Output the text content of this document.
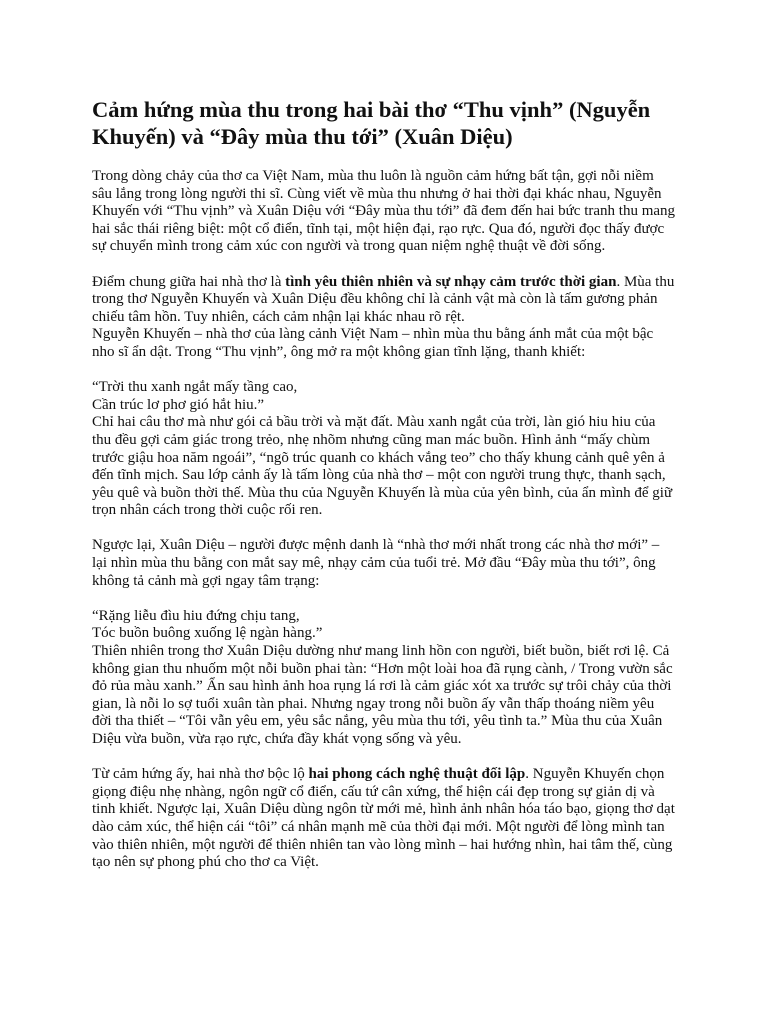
Cảm hứng mùa thu trong hai bài thơ “Thu vịnh” (Nguyễn
Khuyến) và “Đây mùa thu tới” (Xuân Diệu)

Trong dòng chảy của thơ ca Việt Nam, mùa thu luôn là nguồn cảm hứng bất tận, gợi nỗi niềm
sâu lắng trong lòng người thi sĩ. Cùng viết về mùa thu nhưng ở hai thời đại khác nhau, Nguyễn
Khuyến với “Thu vịnh” và Xuân Diệu với “Đây mùa thu tới” đã đem đến hai bức tranh thu mang
hai sắc thái riêng biệt: một cổ điển, tĩnh tại, một hiện đại, rạo rực. Qua đó, người đọc thấy được
sự chuyển mình trong cảm xúc con người và trong quan niệm nghệ thuật về đời sống.

Điểm chung giữa hai nhà thơ là tình yêu thiên nhiên và sự nhạy cảm trước thời gian. Mùa thu
trong thơ Nguyễn Khuyến và Xuân Diệu đều không chỉ là cảnh vật mà còn là tấm gương phản
chiếu tâm hồn. Tuy nhiên, cách cảm nhận lại khác nhau rõ rệt.
Nguyễn Khuyến – nhà thơ của làng cảnh Việt Nam – nhìn mùa thu bằng ánh mắt của một bậc
nho sĩ ẩn dật. Trong “Thu vịnh”, ông mở ra một không gian tĩnh lặng, thanh khiết:

“Trời thu xanh ngắt mấy tầng cao,
Cần trúc lơ phơ gió hắt hiu.”
Chỉ hai câu thơ mà như gói cả bầu trời và mặt đất. Màu xanh ngắt của trời, làn gió hiu hiu của
thu đều gợi cảm giác trong trẻo, nhẹ nhõm nhưng cũng man mác buồn. Hình ảnh “mấy chùm
trước giậu hoa năm ngoái”, “ngõ trúc quanh co khách vắng teo” cho thấy khung cảnh quê yên ả
đến tĩnh mịch. Sau lớp cảnh ấy là tấm lòng của nhà thơ – một con người trung thực, thanh sạch,
yêu quê và buồn thời thế. Mùa thu của Nguyễn Khuyến là mùa của yên bình, của ẩn mình để giữ
trọn nhân cách trong thời cuộc rối ren.

Ngược lại, Xuân Diệu – người được mệnh danh là “nhà thơ mới nhất trong các nhà thơ mới” –
lại nhìn mùa thu bằng con mắt say mê, nhạy cảm của tuổi trẻ. Mở đầu “Đây mùa thu tới”, ông
không tả cảnh mà gợi ngay tâm trạng:

“Rặng liễu đìu hiu đứng chịu tang,
Tóc buồn buông xuống lệ ngàn hàng.”
Thiên nhiên trong thơ Xuân Diệu dường như mang linh hồn con người, biết buồn, biết rơi lệ. Cả
không gian thu nhuốm một nỗi buồn phai tàn: “Hơn một loài hoa đã rụng cành, / Trong vườn sắc
đỏ rủa màu xanh.” Ẩn sau hình ảnh hoa rụng lá rơi là cảm giác xót xa trước sự trôi chảy của thời
gian, là nỗi lo sợ tuổi xuân tàn phai. Nhưng ngay trong nỗi buồn ấy vẫn thấp thoáng niềm yêu
đời tha thiết – “Tôi vẫn yêu em, yêu sắc nắng, yêu mùa thu tới, yêu tình ta.” Mùa thu của Xuân
Diệu vừa buồn, vừa rạo rực, chứa đầy khát vọng sống và yêu.

Từ cảm hứng ấy, hai nhà thơ bộc lộ hai phong cách nghệ thuật đối lập. Nguyễn Khuyến chọn
giọng điệu nhẹ nhàng, ngôn ngữ cổ điển, cấu tứ cân xứng, thể hiện cái đẹp trong sự giản dị và
tinh khiết. Ngược lại, Xuân Diệu dùng ngôn từ mới mẻ, hình ảnh nhân hóa táo bạo, giọng thơ dạt
dào cảm xúc, thể hiện cái “tôi” cá nhân mạnh mẽ của thời đại mới. Một người để lòng mình tan
vào thiên nhiên, một người để thiên nhiên tan vào lòng mình – hai hướng nhìn, hai tâm thế, cùng
tạo nên sự phong phú cho thơ ca Việt.
